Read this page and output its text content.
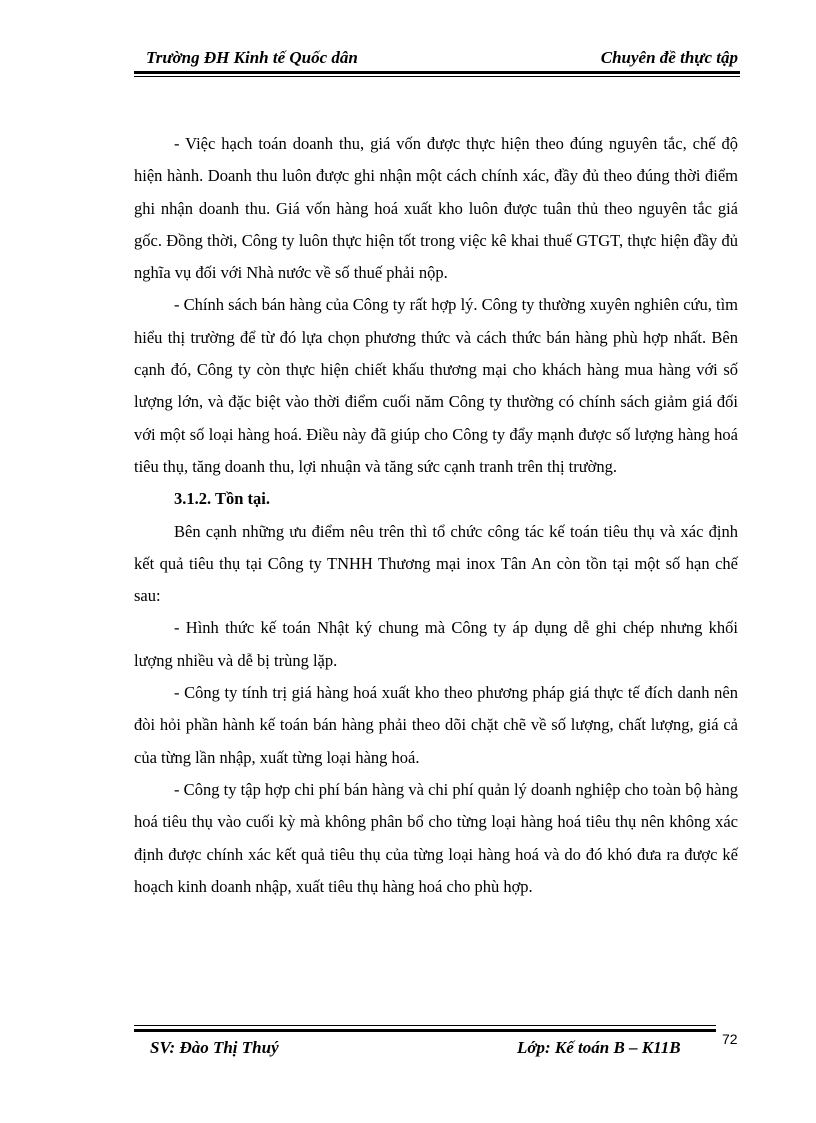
Trường ĐH Kinh tế Quốc dân	Chuyên đề thực tập

- Việc hạch toán doanh thu, giá vốn được thực hiện theo đúng nguyên tắc, chế độ hiện hành. Doanh thu luôn được ghi nhận một cách chính xác, đầy đủ theo đúng thời điểm ghi nhận doanh thu. Giá vốn hàng hoá xuất kho luôn được tuân thủ theo nguyên tắc giá gốc. Đồng thời, Công ty luôn thực hiện tốt trong việc kê khai thuế GTGT, thực hiện đầy đủ nghĩa vụ đối với Nhà nước về số thuế phải nộp.

- Chính sách bán hàng của Công ty rất hợp lý. Công ty thường xuyên nghiên cứu, tìm hiểu thị trường để từ đó lựa chọn phương thức và cách thức bán hàng phù hợp nhất. Bên cạnh đó, Công ty còn thực hiện chiết khấu thương mại cho khách hàng mua hàng với số lượng lớn, và đặc biệt vào thời điểm cuối năm Công ty thường có chính sách giảm giá đối với một số loại hàng hoá. Điều này đã giúp cho Công ty đẩy mạnh được số lượng hàng hoá tiêu thụ, tăng doanh thu, lợi nhuận và tăng sức cạnh tranh trên thị trường.

3.1.2. Tồn tại.

Bên cạnh những ưu điểm nêu trên thì tổ chức công tác kế toán tiêu thụ và xác định kết quả tiêu thụ tại Công ty TNHH Thương mại inox Tân An còn tồn tại một số hạn chế sau:

- Hình thức kế toán Nhật ký chung mà Công ty áp dụng dễ ghi chép nhưng khối lượng nhiều và dễ bị trùng lặp.

- Công ty tính trị giá hàng hoá xuất kho theo phương pháp giá thực tế đích danh nên đòi hỏi phần hành kế toán bán hàng phải theo dõi chặt chẽ về số lượng, chất lượng, giá cả của từng lần nhập, xuất từng loại hàng hoá.

- Công ty tập hợp chi phí bán hàng và chi phí quản lý doanh nghiệp cho toàn bộ hàng hoá tiêu thụ vào cuối kỳ mà không phân bổ cho từng loại hàng hoá tiêu thụ nên không xác định được chính xác kết quả tiêu thụ của từng loại hàng hoá và do đó khó đưa ra được kế hoạch kinh doanh nhập, xuất tiêu thụ hàng hoá cho phù hợp.

SV: Đào Thị Thuý	Lớp: Kế toán B – K11B	72
